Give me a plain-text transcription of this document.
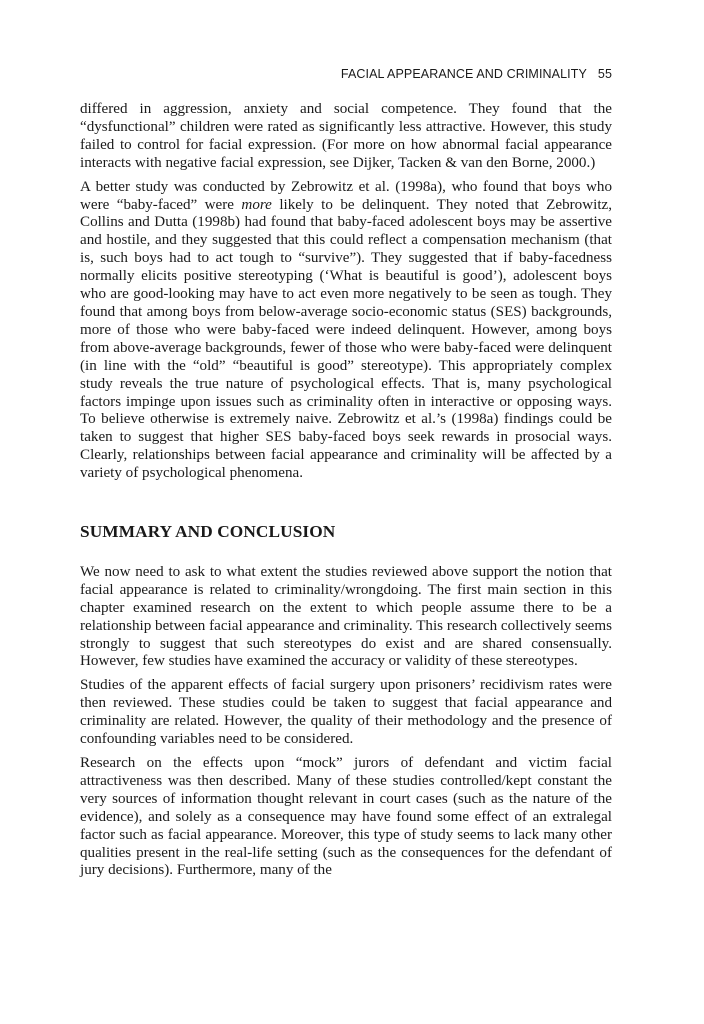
FACIAL APPEARANCE AND CRIMINALITY 55

differed in aggression, anxiety and social competence. They found that the “dysfunctional” children were rated as significantly less attractive. However, this study failed to control for facial expression. (For more on how abnormal facial appearance interacts with negative facial expression, see Dijker, Tacken & van den Borne, 2000.)

A better study was conducted by Zebrowitz et al. (1998a), who found that boys who were “baby-faced” were more likely to be delinquent. They noted that Zebrowitz, Collins and Dutta (1998b) had found that baby-faced adolescent boys may be assertive and hostile, and they suggested that this could reflect a compensation mechanism (that is, such boys had to act tough to “survive”). They suggested that if baby-facedness normally elicits positive stereotyping (‘What is beautiful is good’), adolescent boys who are good-looking may have to act even more negatively to be seen as tough. They found that among boys from below-average socio-economic status (SES) backgrounds, more of those who were baby-faced were indeed delinquent. However, among boys from above-average backgrounds, fewer of those who were baby-faced were delinquent (in line with the “old” “beautiful is good” stereotype). This appropriately complex study reveals the true nature of psychological effects. That is, many psychological factors impinge upon issues such as criminality often in interactive or opposing ways. To believe otherwise is extremely naive. Zebrowitz et al.’s (1998a) findings could be taken to suggest that higher SES baby-faced boys seek rewards in prosocial ways. Clearly, relationships between facial appearance and criminality will be affected by a variety of psychological phenomena.

SUMMARY AND CONCLUSION

We now need to ask to what extent the studies reviewed above support the notion that facial appearance is related to criminality/wrongdoing. The first main section in this chapter examined research on the extent to which people assume there to be a relationship between facial appearance and criminality. This research collectively seems strongly to suggest that such stereotypes do exist and are shared consensually. However, few studies have examined the accuracy or validity of these stereotypes.

Studies of the apparent effects of facial surgery upon prisoners’ recidivism rates were then reviewed. These studies could be taken to suggest that facial appearance and criminality are related. However, the quality of their methodology and the presence of confounding variables need to be considered.

Research on the effects upon “mock” jurors of defendant and victim facial attractiveness was then described. Many of these studies controlled/kept constant the very sources of information thought relevant in court cases (such as the nature of the evidence), and solely as a consequence may have found some effect of an extralegal factor such as facial appearance. Moreover, this type of study seems to lack many other qualities present in the real-life setting (such as the consequences for the defendant of jury decisions). Furthermore, many of the
